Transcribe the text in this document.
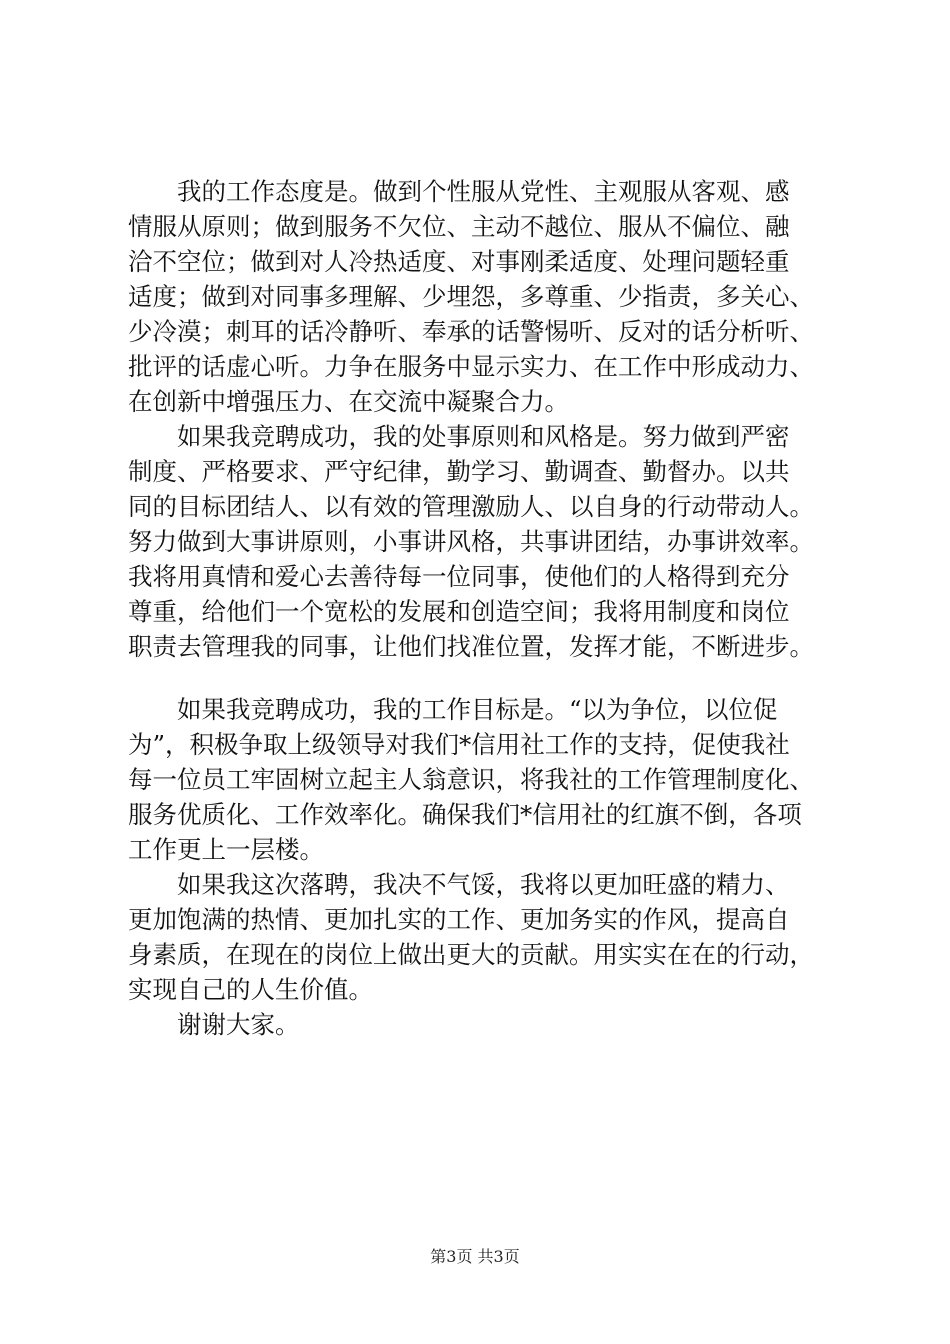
我的工作态度是。做到个性服从党性、主观服从客观、感
情服从原则；做到服务不欠位、主动不越位、服从不偏位、融
洽不空位；做到对人冷热适度、对事刚柔适度、处理问题轻重
适度；做到对同事多理解、少埋怨，多尊重、少指责，多关心、
少冷漠；刺耳的话冷静听、奉承的话警惕听、反对的话分析听、
批评的话虚心听。力争在服务中显示实力、在工作中形成动力、
在创新中增强压力、在交流中凝聚合力。
如果我竞聘成功，我的处事原则和风格是。努力做到严密
制度、严格要求、严守纪律，勤学习、勤调查、勤督办。以共
同的目标团结人、以有效的管理激励人、以自身的行动带动人。
努力做到大事讲原则，小事讲风格，共事讲团结，办事讲效率。
我将用真情和爱心去善待每一位同事，使他们的人格得到充分
尊重，给他们一个宽松的发展和创造空间；我将用制度和岗位
职责去管理我的同事，让他们找准位置，发挥才能，不断进步。
如果我竞聘成功，我的工作目标是。“以为争位，以位促
为”，积极争取上级领导对我们*信用社工作的支持，促使我社
每一位员工牢固树立起主人翁意识，将我社的工作管理制度化、
服务优质化、工作效率化。确保我们*信用社的红旗不倒，各项
工作更上一层楼。
如果我这次落聘，我决不气馁，我将以更加旺盛的精力、
更加饱满的热情、更加扎实的工作、更加务实的作风，提高自
身素质，在现在的岗位上做出更大的贡献。用实实在在的行动，
实现自己的人生价值。
谢谢大家。
第3页 共3页
